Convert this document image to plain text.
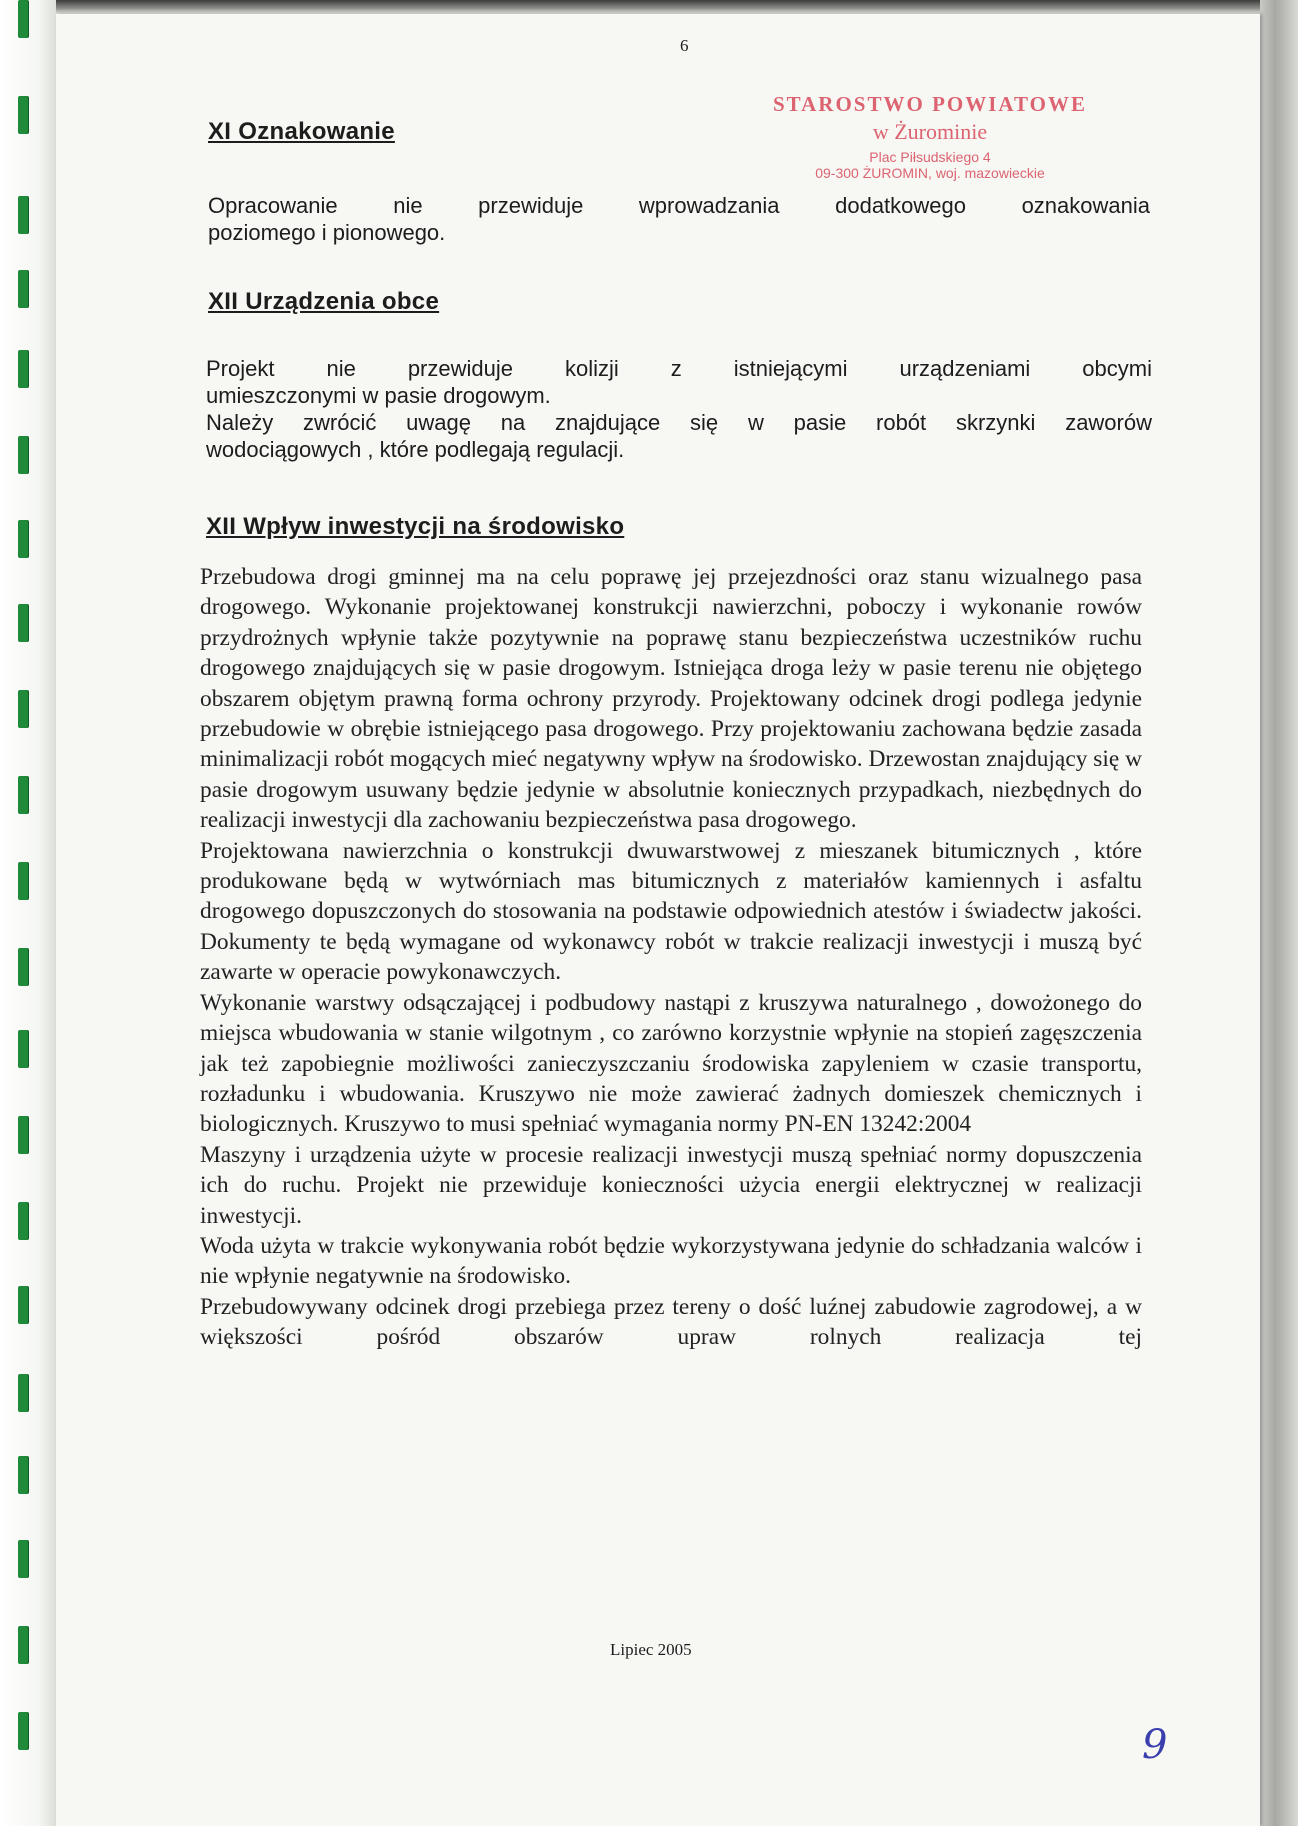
6
STAROSTWO POWIATOWE
w Żurominie
Plac Piłsudskiego 4
09-300 ŻUROMIN, woj. mazowieckie
XI Oznakowanie
Opracowanie nie przewiduje wprowadzania dodatkowego oznakowania
poziomego i pionowego.
XII Urządzenia obce
Projekt nie przewiduje kolizji z istniejącymi urządzeniami obcymi
umieszczonymi w pasie drogowym.
Należy zwrócić uwagę na znajdujące się w pasie robót skrzynki zaworów
wodociągowych , które podlegają regulacji.
XII Wpływ inwestycji na środowisko

Przebudowa drogi gminnej ma na celu poprawę jej przejezdności oraz stanu wizualnego pasa drogowego. Wykonanie projektowanej konstrukcji nawierzchni, poboczy i wykonanie rowów przydrożnych wpłynie także pozytywnie na poprawę stanu bezpieczeństwa uczestników ruchu drogowego znajdujących się w pasie drogowym. Istniejąca droga leży w pasie terenu nie objętego obszarem objętym prawną forma ochrony przyrody. Projektowany odcinek drogi podlega jedynie przebudowie w obrębie istniejącego pasa drogowego. Przy projektowaniu zachowana będzie zasada minimalizacji robót mogących mieć negatywny wpływ na środowisko. Drzewostan znajdujący się w pasie drogowym usuwany będzie jedynie w absolutnie koniecznych przypadkach, niezbędnych do realizacji inwestycji dla zachowaniu bezpieczeństwa pasa drogowego.

Projektowana nawierzchnia o konstrukcji dwuwarstwowej z mieszanek bitumicznych , które produkowane będą w wytwórniach mas bitumicznych z materiałów kamiennych i asfaltu drogowego dopuszczonych do stosowania na podstawie odpowiednich atestów i świadectw jakości. Dokumenty te będą wymagane od wykonawcy robót w trakcie realizacji inwestycji i muszą być zawarte w operacie powykonawczych.

Wykonanie warstwy odsączającej i podbudowy nastąpi z kruszywa naturalnego , dowożonego do miejsca wbudowania w stanie wilgotnym , co zarówno korzystnie wpłynie na stopień zagęszczenia jak też zapobiegnie możliwości zanieczyszczaniu środowiska zapyleniem w czasie transportu, rozładunku i wbudowania. Kruszywo nie może zawierać żadnych domieszek chemicznych i biologicznych. Kruszywo to musi spełniać wymagania normy PN-EN 13242:2004

Maszyny i urządzenia użyte w procesie realizacji inwestycji muszą spełniać normy dopuszczenia ich do ruchu. Projekt nie przewiduje konieczności użycia energii elektrycznej w realizacji inwestycji.

Woda użyta w trakcie wykonywania robót będzie wykorzystywana jedynie do schładzania walców i nie wpłynie negatywnie na środowisko.

Przebudowywany odcinek drogi przebiega przez tereny o dość luźnej zabudowie zagrodowej, a w większości pośród obszarów upraw rolnych realizacja tej

Lipiec 2005
9
